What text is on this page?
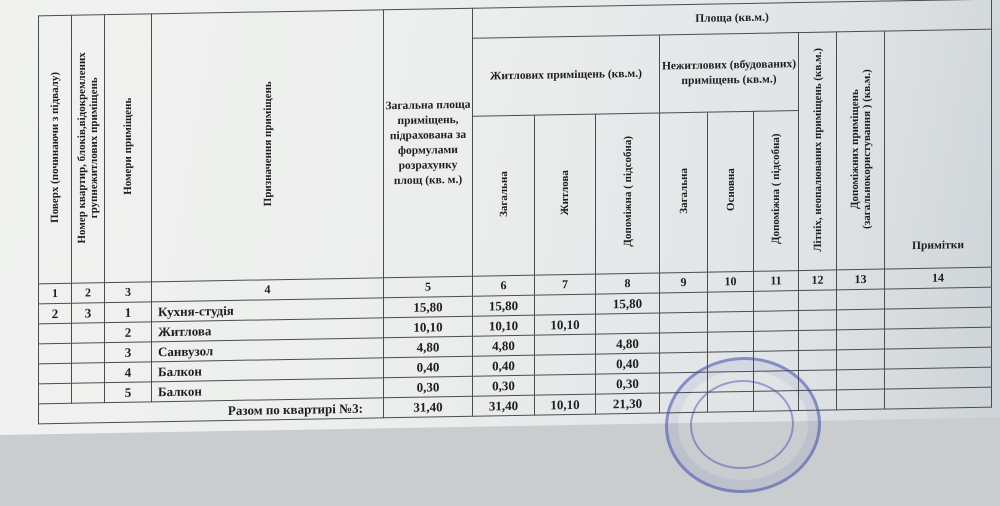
Поверх (починаючи з підвалу)	Номер квартир, блоків,відокремлених групнежитлових приміщень	Номери приміщень	Призначення приміщень	Загальна площа приміщень, підрахована за формулами розрахунку площ (кв. м.)	Площа (кв.м.)								
					Житлових приміщень (кв.м.)			Нежитлових (вбудованих) приміщень (кв.м.)			Літніх, неопалюваних приміщень (кв.м.)	Допоміжних приміщень (загальнокористування ) (кв.м.)	Примітки
					Загальна	Житлова	Допоміжна ( підсобна)	Загальна	Основна	Допоміжна ( підсобна)			
1	2	3	4	5	6	7	8	9	10	11	12	13	14
2	3	1	Кухня-студія	15,80	15,80		15,80						
		2	Житлова	10,10	10,10	10,10							
		3	Санвузол	4,80	4,80		4,80						
		4	Балкон	0,40	0,40		0,40						
		5	Балкон	0,30	0,30		0,30						
Разом по квартирі №3:				31,40	31,40	10,10	21,30						
